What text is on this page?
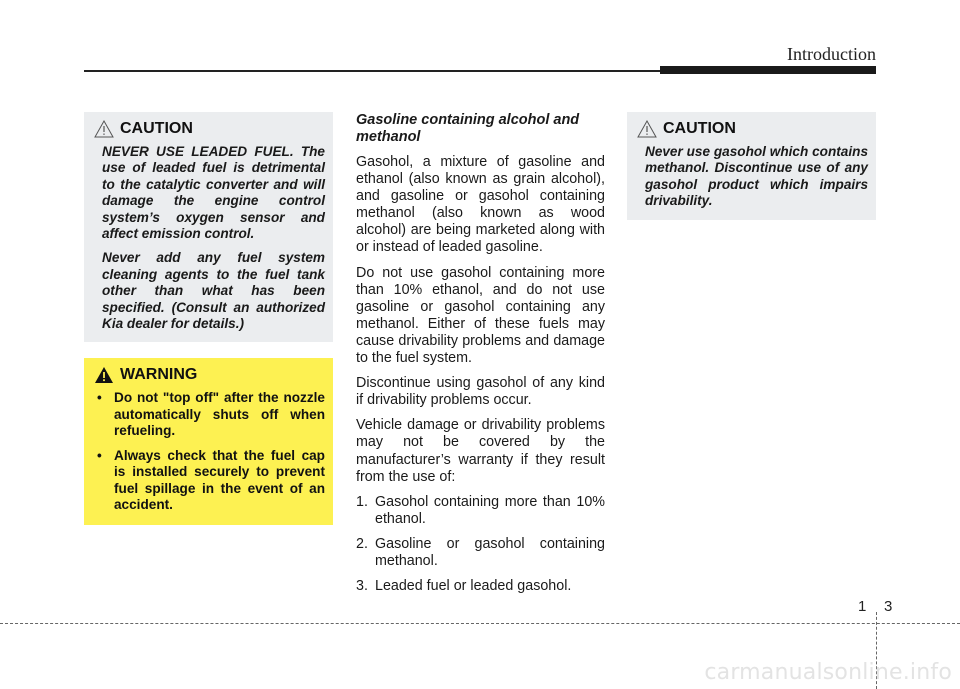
Introduction
CAUTION

NEVER USE LEADED FUEL. The use of leaded fuel is detrimental to the catalytic converter and will damage the engine control system’s oxygen sensor and affect emission control.

Never add any fuel system cleaning agents to the fuel tank other than what has been specified. (Consult an authorized Kia dealer for details.)

WARNING
• Do not "top off" after the nozzle automatically shuts off when refueling.
• Always check that the fuel cap is installed securely to prevent fuel spillage in the event of an accident.
Gasoline containing alcohol and methanol

Gasohol, a mixture of gasoline and ethanol (also known as grain alcohol), and gasoline or gasohol containing methanol (also known as wood alcohol) are being marketed along with or instead of leaded gasoline.

Do not use gasohol containing more than 10% ethanol, and do not use gasoline or gasohol containing any methanol. Either of these fuels may cause drivability problems and damage to the fuel system.

Discontinue using gasohol of any kind if drivability problems occur.

Vehicle damage or drivability problems may not be covered by the manufacturer’s warranty if they result from the use of:

1. Gasohol containing more than 10% ethanol.
2. Gasoline or gasohol containing methanol.
3. Leaded fuel or leaded gasohol.
CAUTION

Never use gasohol which contains methanol. Discontinue use of any gasohol product which impairs drivability.

1 3
carmanualsonline.info
